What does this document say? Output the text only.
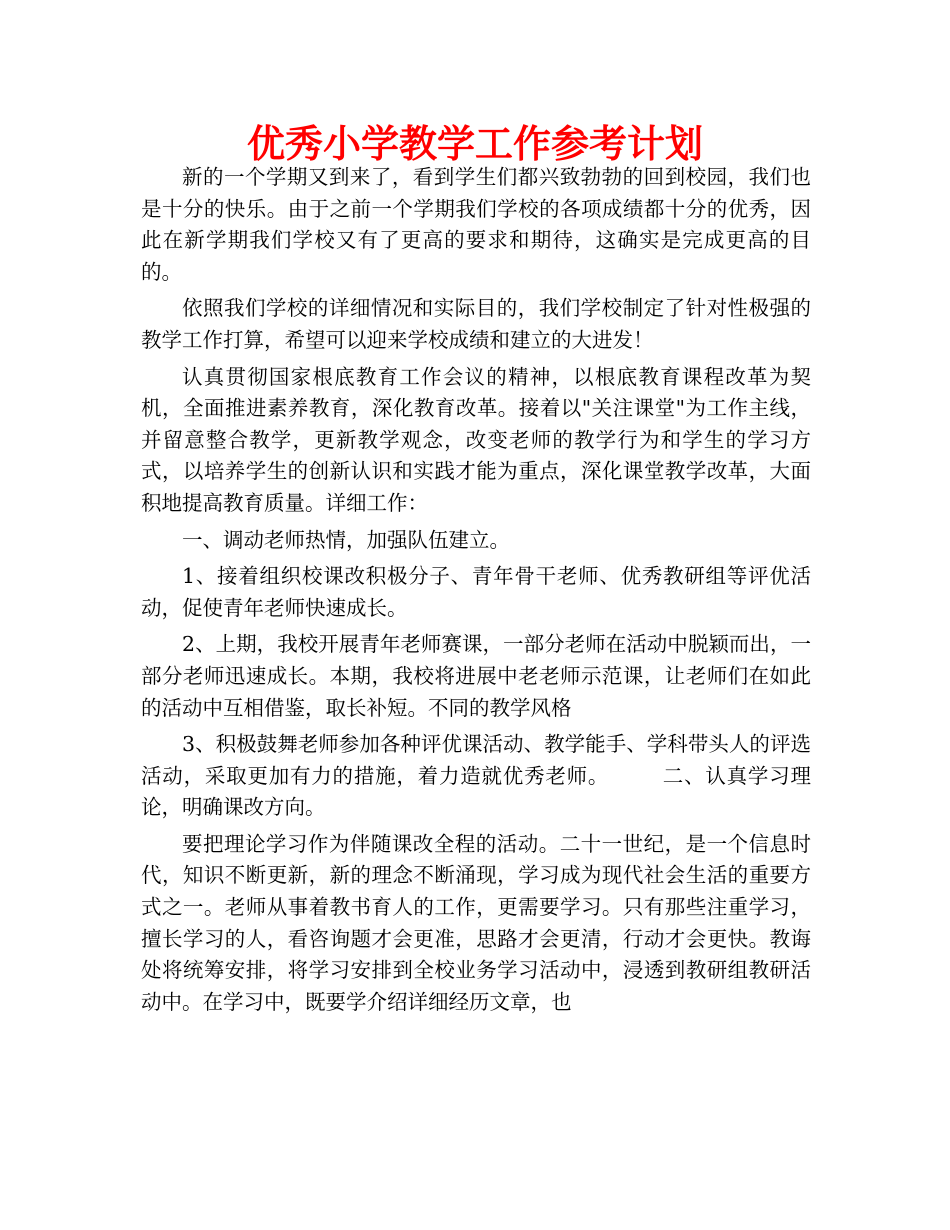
优秀小学教学工作参考计划

新的一个学期又到来了，看到学生们都兴致勃勃的回到校园，我们也是十分的快乐。由于之前一个学期我们学校的各项成绩都十分的优秀，因此在新学期我们学校又有了更高的要求和期待，这确实是完成更高的目的。

依照我们学校的详细情况和实际目的，我们学校制定了针对性极强的教学工作打算，希望可以迎来学校成绩和建立的大进发！

认真贯彻国家根底教育工作会议的精神，以根底教育课程改革为契机，全面推进素养教育，深化教育改革。接着以"关注课堂"为工作主线，并留意整合教学，更新教学观念，改变老师的教学行为和学生的学习方式，以培养学生的创新认识和实践才能为重点，深化课堂教学改革，大面积地提高教育质量。详细工作：

一、调动老师热情，加强队伍建立。

1、接着组织校课改积极分子、青年骨干老师、优秀教研组等评优活动，促使青年老师快速成长。

2、上期，我校开展青年老师赛课，一部分老师在活动中脱颖而出，一部分老师迅速成长。本期，我校将进展中老老师示范课，让老师们在如此的活动中互相借鉴，取长补短。不同的教学风格

3、积极鼓舞老师参加各种评优课活动、教学能手、学科带头人的评选活动，采取更加有力的措施，着力造就优秀老师。　　　二、认真学习理论，明确课改方向。

要把理论学习作为伴随课改全程的活动。二十一世纪，是一个信息时代，知识不断更新，新的理念不断涌现，学习成为现代社会生活的重要方式之一。老师从事着教书育人的工作，更需要学习。只有那些注重学习，擅长学习的人，看咨询题才会更准，思路才会更清，行动才会更快。教诲处将统筹安排，将学习安排到全校业务学习活动中，浸透到教研组教研活动中。在学习中，既要学介绍详细经历文章，也
